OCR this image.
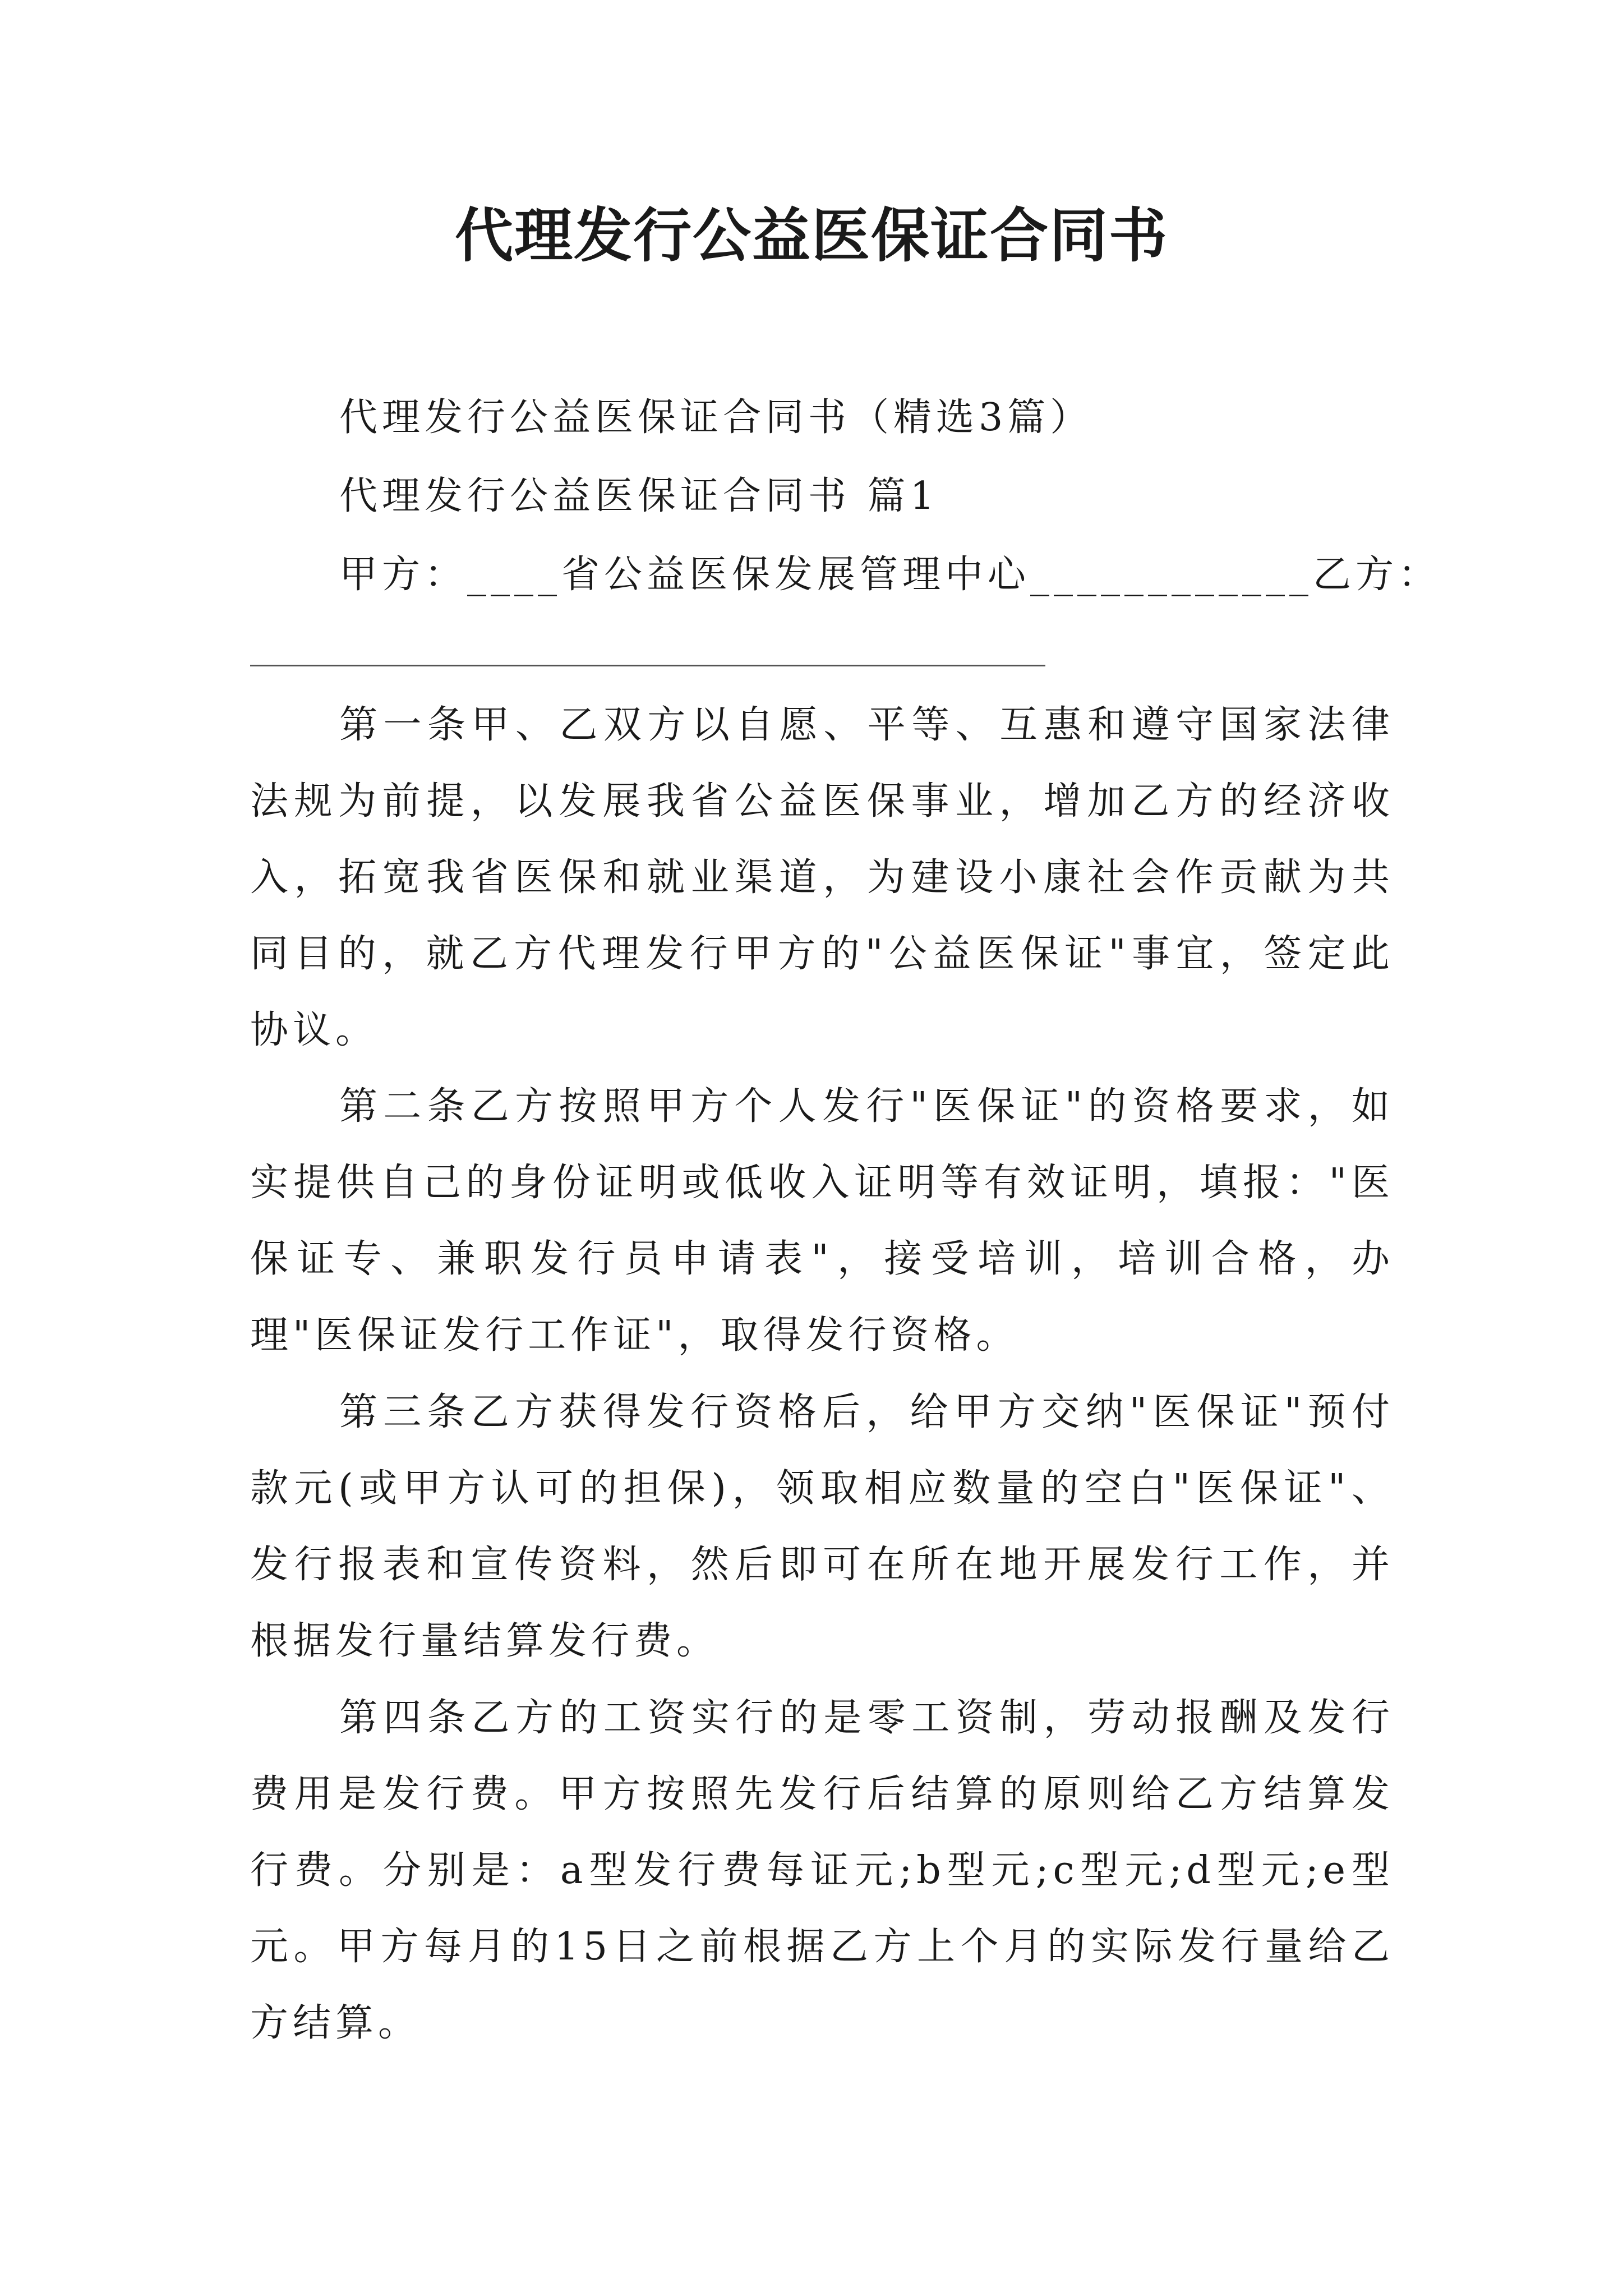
代理发行公益医保证合同书

代理发行公益医保证合同书（精选3篇）

代理发行公益医保证合同书 篇1

甲方：____省公益医保发展管理中心____________乙方：

第一条甲、乙双方以自愿、平等、互惠和遵守国家法律法规为前提，以发展我省公益医保事业，增加乙方的经济收入，拓宽我省医保和就业渠道，为建设小康社会作贡献为共同目的，就乙方代理发行甲方的"公益医保证"事宜，签定此协议。

第二条乙方按照甲方个人发行"医保证"的资格要求，如实提供自己的身份证明或低收入证明等有效证明，填报："医保证专、兼职发行员申请表"，接受培训，培训合格，办理"医保证发行工作证"，取得发行资格。

第三条乙方获得发行资格后，给甲方交纳"医保证"预付款元(或甲方认可的担保)，领取相应数量的空白"医保证"、发行报表和宣传资料，然后即可在所在地开展发行工作，并根据发行量结算发行费。

第四条乙方的工资实行的是零工资制，劳动报酬及发行费用是发行费。甲方按照先发行后结算的原则给乙方结算发行费。分别是：a型发行费每证元;b型元;c型元;d型元;e型元。甲方每月的15日之前根据乙方上个月的实际发行量给乙方结算。
